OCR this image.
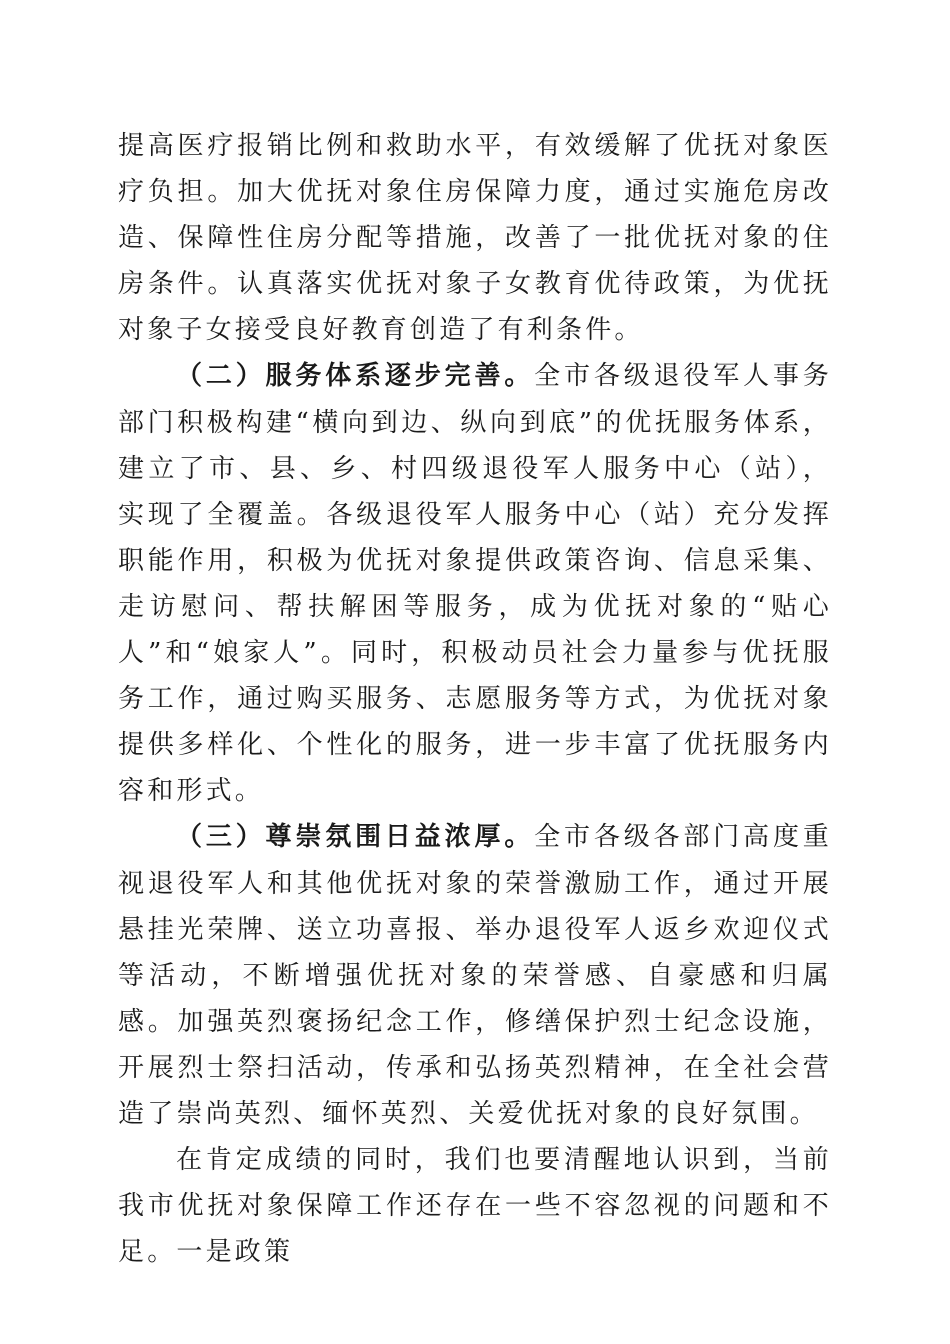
提高医疗报销比例和救助水平，有效缓解了优抚对象医疗负担。加大优抚对象住房保障力度，通过实施危房改造、保障性住房分配等措施，改善了一批优抚对象的住房条件。认真落实优抚对象子女教育优待政策，为优抚对象子女接受良好教育创造了有利条件。

（二）服务体系逐步完善。全市各级退役军人事务部门积极构建“横向到边、纵向到底”的优抚服务体系，建立了市、县、乡、村四级退役军人服务中心（站），实现了全覆盖。各级退役军人服务中心（站）充分发挥职能作用，积极为优抚对象提供政策咨询、信息采集、走访慰问、帮扶解困等服务，成为优抚对象的“贴心人”和“娘家人”。同时，积极动员社会力量参与优抚服务工作，通过购买服务、志愿服务等方式，为优抚对象提供多样化、个性化的服务，进一步丰富了优抚服务内容和形式。

（三）尊崇氛围日益浓厚。全市各级各部门高度重视退役军人和其他优抚对象的荣誉激励工作，通过开展悬挂光荣牌、送立功喜报、举办退役军人返乡欢迎仪式等活动，不断增强优抚对象的荣誉感、自豪感和归属感。加强英烈褒扬纪念工作，修缮保护烈士纪念设施，开展烈士祭扫活动，传承和弘扬英烈精神，在全社会营造了崇尚英烈、缅怀英烈、关爱优抚对象的良好氛围。

在肯定成绩的同时，我们也要清醒地认识到，当前我市优抚对象保障工作还存在一些不容忽视的问题和不足。一是政策
